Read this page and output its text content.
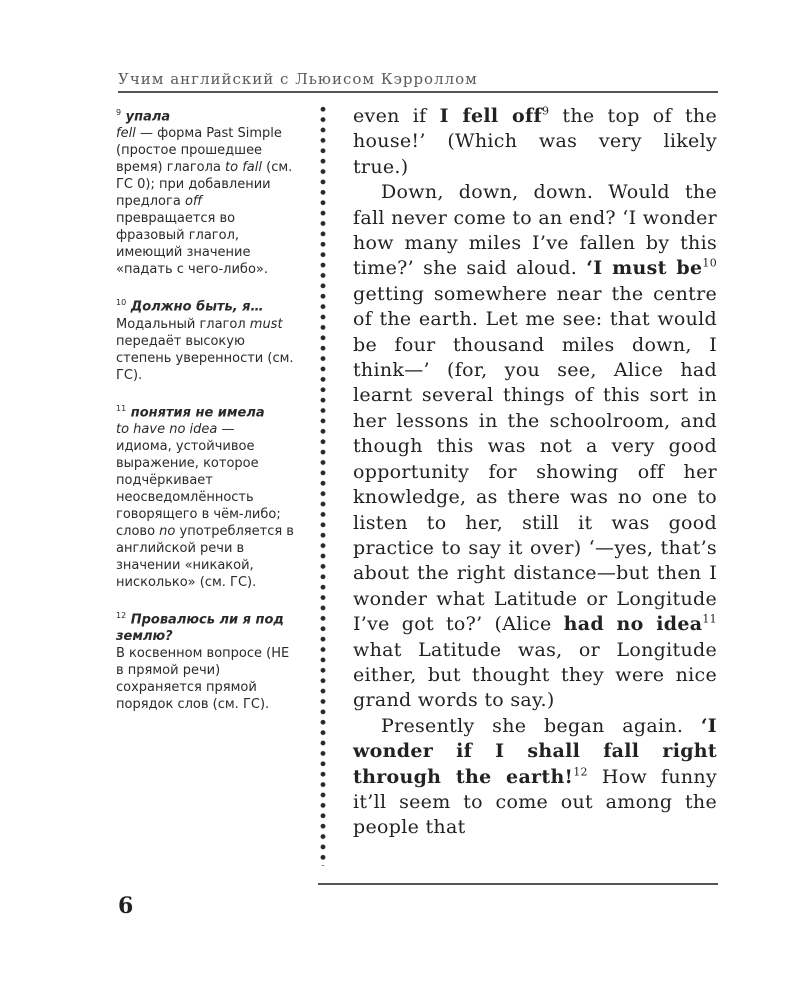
Учим английский с Льюисом Кэрроллом
$^9$ упала
fell — форма Past Simple (простое прошедшее время) глагола to fall (см. ГС 0); при добавлении предлога off превращается во фразовый глагол, имеющий значение «падать с чего-либо».
$^{10}$ Должно быть, я…
Модальный глагол must передаёт высокую степень уверенности (см. ГС).
$^{11}$ понятия не имела
to have no idea — идиома, устойчивое выражение, которое подчёркивает неосведомлённость говорящего в чём-либо; слово no употребляется в английской речи в значении «никакой, нисколько» (см. ГС).
$^{12}$ Провалюсь ли я под землю?
В косвенном вопросе (НЕ в прямой речи) сохраняется прямой порядок слов (см. ГС).

even if I fell off$^9$ the top of the house!’ (Which was very likely true.)

Down, down, down. Would the fall never come to an end? ‘I wonder how many miles I’ve fallen by this time?’ she said aloud. ‘I must $be^{10}$ getting somewhere near the centre of the earth. Let me see: that would be four thousand miles down, I think—’ (for, you see, Alice had learnt several things of this sort in her lessons in the schoolroom, and though this was not a very good opportunity for showing off her knowledge, as there was no one to listen to her, still it was good practice to say it over) ‘—yes, that’s about the right distance—but then I wonder what Latitude or Longitude I’ve got to?’ (Alice had no idea$^{11}$ what Latitude was, or Longitude either, but thought they were nice grand words to say.)

Presently she began again. ‘I wonder if I shall fall right through the earth!$^{12}$ How funny it’ll seem to come out among the people that

6
